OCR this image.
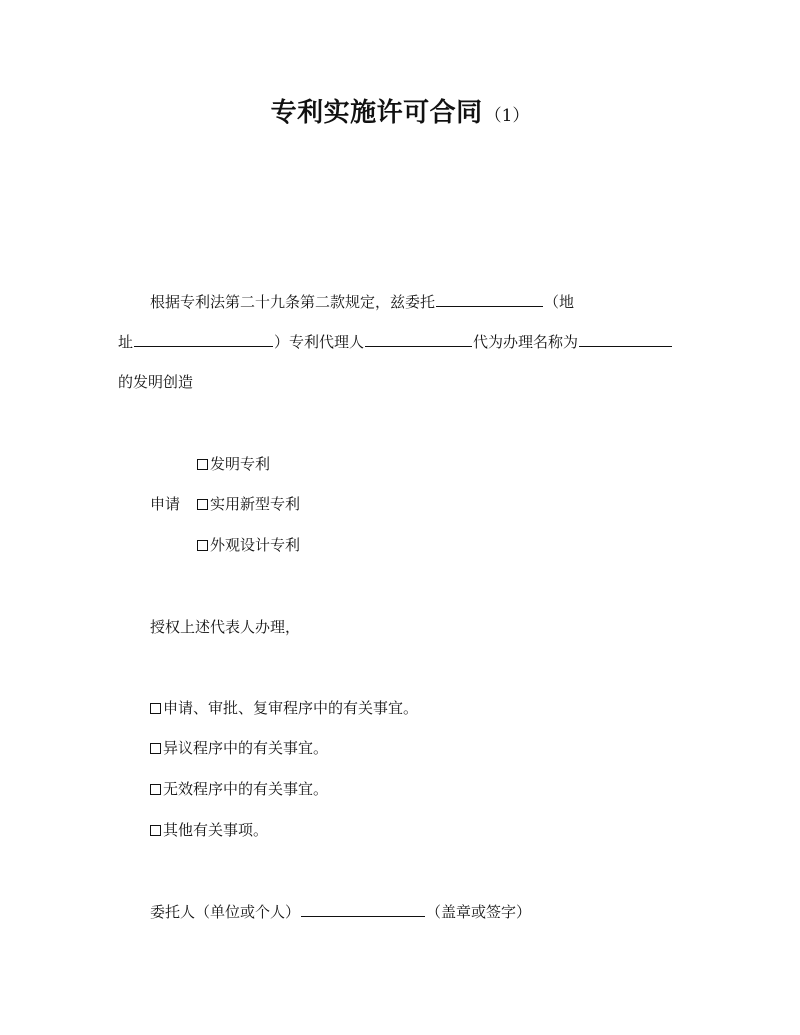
专利实施许可合同 （1）
根据专利法第二十九条第二款规定，兹委托	（地
址	）专利代理人	代为办理名称为
的发明创造
发明专利
申请	实用新型专利
外观设计专利
授权上述代表人办理，
申请、审批、复审程序中的有关事宜。
异议程序中的有关事宜。
无效程序中的有关事宜。
其他有关事项。
委托人（单位或个人）	（盖章或签字）
